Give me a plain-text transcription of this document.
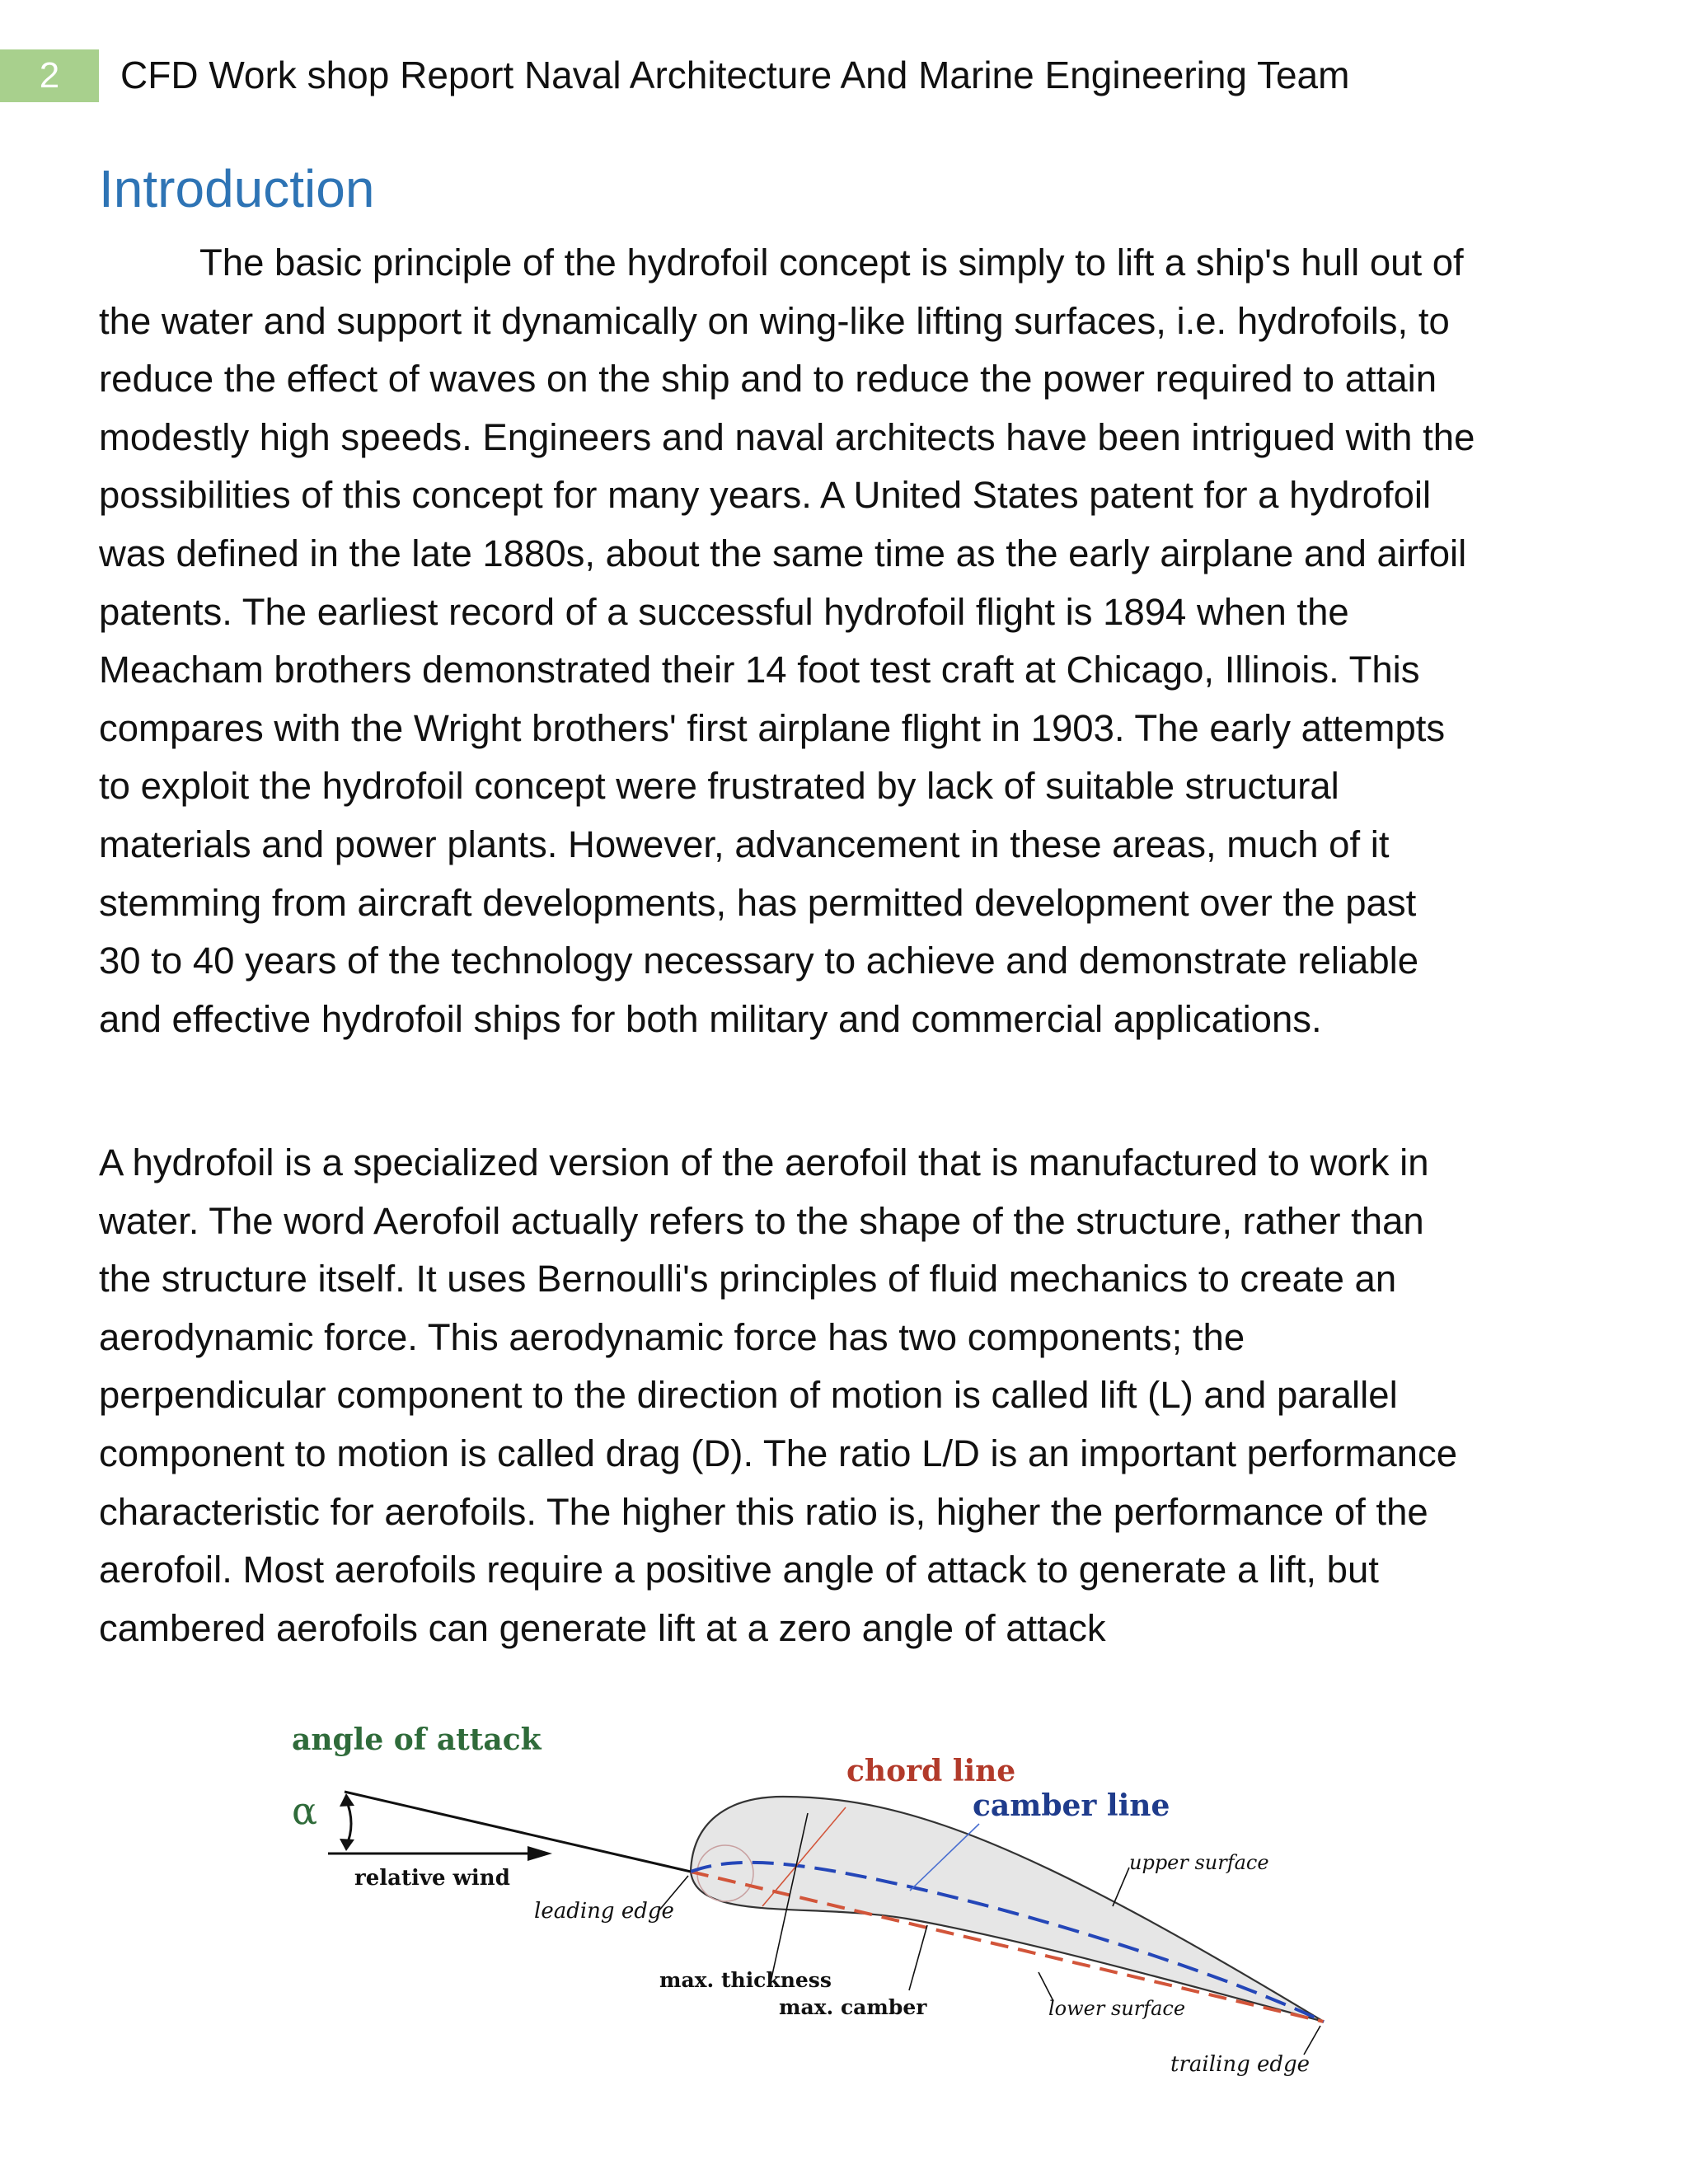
2	CFD Work shop Report Naval Architecture And Marine Engineering Team
Introduction
The basic principle of the hydrofoil concept is simply to lift a ship's hull out of
the water and support it dynamically on wing-like lifting surfaces, i.e. hydrofoils, to
reduce the effect of waves on the ship and to reduce the power required to attain
modestly high speeds. Engineers and naval architects have been intrigued with the
possibilities of this concept for many years. A United States patent for a hydrofoil
was defined in the late 1880s, about the same time as the early airplane and airfoil
patents. The earliest record of a successful hydrofoil flight is 1894 when the
Meacham brothers demonstrated their 14 foot test craft at Chicago, Illinois. This
compares with the Wright brothers' first airplane flight in 1903. The early attempts
to exploit the hydrofoil concept were frustrated by lack of suitable structural
materials and power plants. However, advancement in these areas, much of it
stemming from aircraft developments, has permitted development over the past
30 to 40 years of the technology necessary to achieve and demonstrate reliable
and effective hydrofoil ships for both military and commercial applications.
A hydrofoil is a specialized version of the aerofoil that is manufactured to work in
water. The word Aerofoil actually refers to the shape of the structure, rather than
the structure itself. It uses Bernoulli's principles of fluid mechanics to create an
aerodynamic force. This aerodynamic force has two components; the
perpendicular component to the direction of motion is called lift (L) and parallel
component to motion is called drag (D). The ratio L/D is an important performance
characteristic for aerofoils. The higher this ratio is, higher the performance of the
aerofoil. Most aerofoils require a positive angle of attack to generate a lift, but
cambered aerofoils can generate lift at a zero angle of attack
angle of attack
α
relative wind
chord line
camber line
upper surface
leading edge
max. thickness
max. camber	lower surface
trailing edge
